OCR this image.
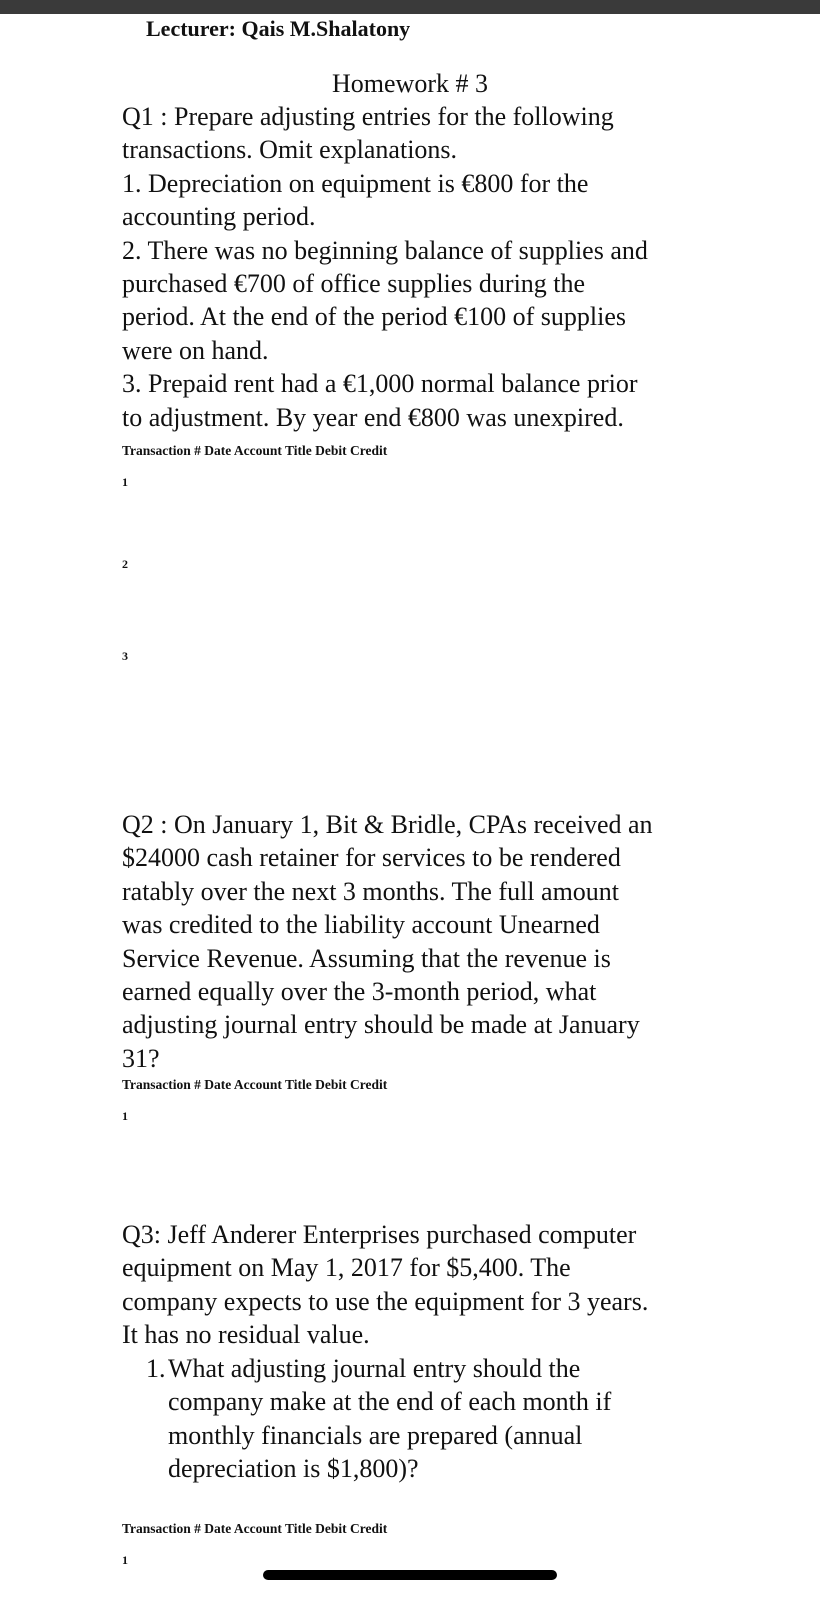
Lecturer: Qais M.Shalatony
Homework # 3

Q1 : Prepare adjusting entries for the following

transactions. Omit explanations.

1. Depreciation on equipment is €800 for the

accounting period.

2. There was no beginning balance of supplies and

purchased €700 of office supplies during the

period. At the end of the period €100 of supplies

were on hand.

3. Prepaid rent had a €1,000 normal balance prior

to adjustment. By year end €800 was unexpired.

Transaction # Date Account Title Debit Credit
1
2
3

Q2 : On January 1, Bit & Bridle, CPAs received an

$24000 cash retainer for services to be rendered

ratably over the next 3 months. The full amount

was credited to the liability account Unearned

Service Revenue. Assuming that the revenue is

earned equally over the 3-month period, what

adjusting journal entry should be made at January

31?

Transaction # Date Account Title Debit Credit
1

Q3: Jeff Anderer Enterprises purchased computer

equipment on May 1, 2017 for $5,400. The

company expects to use the equipment for 3 years.

It has no residual value.

1. What adjusting journal entry should the
company make at the end of each month if
monthly financials are prepared (annual
depreciation is $1,800)?
Transaction # Date Account Title Debit Credit
1
